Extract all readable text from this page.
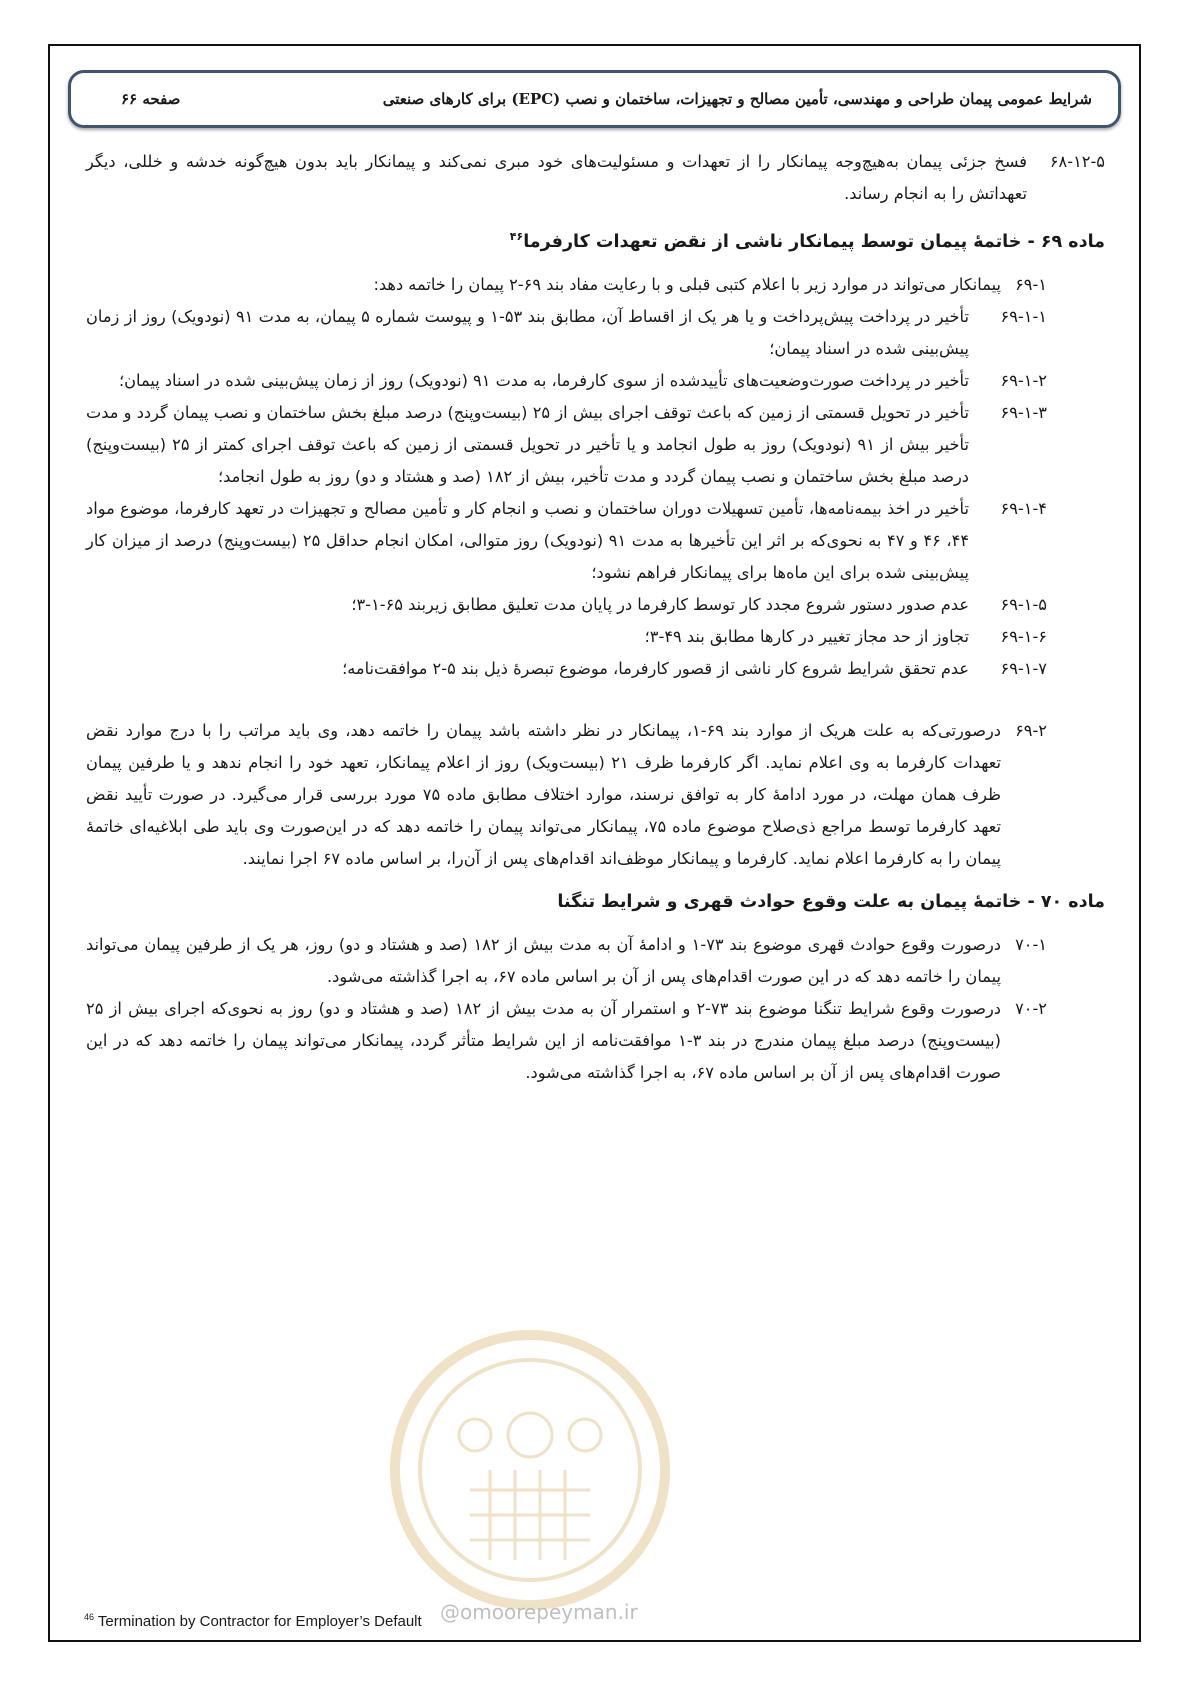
شرایط عمومی پیمان طراحی و مهندسی، تأمین مصالح و تجهیزات، ساختمان و نصب (EPC) برای کارهای صنعتی
صفحه ۶۶
@omoorepeyman.ir
۶۸-۱۲-۵
فسخ جزئی پیمان به‌هیچ‌وجه پیمانکار را از تعهدات و مسئولیت‌های خود مبری نمی‌کند و پیمانکار باید بدون هیچ‌گونه خدشه و خللی، دیگر تعهداتش را به انجام رساند.
ماده ۶۹ - خاتمهٔ پیمان توسط پیمانکار ناشی از نقض تعهدات کارفرما$^{۴۶}$
۶۹-۱
پیمانکار می‌تواند در موارد زیر با اعلام کتبی قبلی و با رعایت مفاد بند ۶۹-۲ پیمان را خاتمه دهد:
۶۹-۱-۱
تأخیر در پرداخت پیش‌پرداخت و یا هر یک از اقساط آن، مطابق بند ۵۳-۱ و پیوست شماره ۵ پیمان، به مدت ۹۱ (نودویک) روز از زمان پیش‌بینی شده در اسناد پیمان؛
۶۹-۱-۲
تأخیر در پرداخت صورت‌وضعیت‌های تأییدشده از سوی کارفرما، به مدت ۹۱ (نودویک) روز از زمان پیش‌بینی شده در اسناد پیمان؛
۶۹-۱-۳
تأخیر در تحویل قسمتی از زمین که باعث توقف اجرای بیش از ۲۵ (بیست‌وپنج) درصد مبلغ بخش ساختمان و نصب پیمان گردد و مدت تأخیر بیش از ۹۱ (نودویک) روز به طول انجامد و یا تأخیر در تحویل قسمتی از زمین که باعث توقف اجرای کمتر از ۲۵ (بیست‌وپنج) درصد مبلغ بخش ساختمان و نصب پیمان گردد و مدت تأخیر، بیش از ۱۸۲ (صد و هشتاد و دو) روز به طول انجامد؛
۶۹-۱-۴
تأخیر در اخذ بیمه‌نامه‌ها، تأمین تسهیلات دوران ساختمان و نصب و انجام کار و تأمین مصالح و تجهیزات در تعهد کارفرما، موضوع مواد ۴۴، ۴۶ و ۴۷ به نحوی‌که بر اثر این تأخیرها به مدت ۹۱ (نودویک) روز متوالی، امکان انجام حداقل ۲۵ (بیست‌وپنج) درصد از میزان کار پیش‌بینی شده برای این ماه‌ها برای پیمانکار فراهم نشود؛
۶۹-۱-۵
عدم صدور دستور شروع مجدد کار توسط کارفرما در پایان مدت تعلیق مطابق زیربند ۶۵-۱-۳؛
۶۹-۱-۶
تجاوز از حد مجاز تغییر در کارها مطابق بند ۴۹-۳؛
۶۹-۱-۷
عدم تحقق شرایط شروع کار ناشی از قصور کارفرما، موضوع تبصرهٔ ذیل بند ۵-۲ موافقت‌نامه؛
۶۹-۲
درصورتی‌که به علت هریک از موارد بند ۶۹-۱، پیمانکار در نظر داشته باشد پیمان را خاتمه دهد، وی باید مراتب را با درج موارد نقض تعهدات کارفرما به وی اعلام نماید. اگر کارفرما ظرف ۲۱ (بیست‌ویک) روز از اعلام پیمانکار، تعهد خود را انجام ندهد و یا طرفین پیمان ظرف همان مهلت، در مورد ادامهٔ کار به توافق نرسند، موارد اختلاف مطابق ماده ۷۵ مورد بررسی قرار می‌گیرد. در صورت تأیید نقض تعهد کارفرما توسط مراجع ذی‌صلاح موضوع ماده ۷۵، پیمانکار می‌تواند پیمان را خاتمه دهد که در این‌صورت وی باید طی ابلاغیه‌ای خاتمهٔ پیمان را به کارفرما اعلام نماید. کارفرما و پیمانکار موظف‌اند اقدام‌های پس از آن‌را، بر اساس ماده ۶۷ اجرا نمایند.
ماده ۷۰ - خاتمهٔ پیمان به علت وقوع حوادث قهری و شرایط تنگنا
۷۰-۱
درصورت وقوع حوادث قهری موضوع بند ۷۳-۱ و ادامهٔ آن به مدت بیش از ۱۸۲ (صد و هشتاد و دو) روز، هر یک از طرفین پیمان می‌تواند پیمان را خاتمه دهد که در این صورت اقدام‌های پس از آن بر اساس ماده ۶۷، به اجرا گذاشته می‌شود.
۷۰-۲
درصورت وقوع شرایط تنگنا موضوع بند ۷۳-۲ و استمرار آن به مدت بیش از ۱۸۲ (صد و هشتاد و دو) روز به نحوی‌که اجرای بیش از ۲۵ (بیست‌وپنج) درصد مبلغ پیمان مندرج در بند ۳-۱ موافقت‌نامه از این شرایط متأثر گردد، پیمانکار می‌تواند پیمان را خاتمه دهد که در این صورت اقدام‌های پس از آن بر اساس ماده ۶۷، به اجرا گذاشته می‌شود.
$^{46}$ Termination by Contractor for Employer’s Default
